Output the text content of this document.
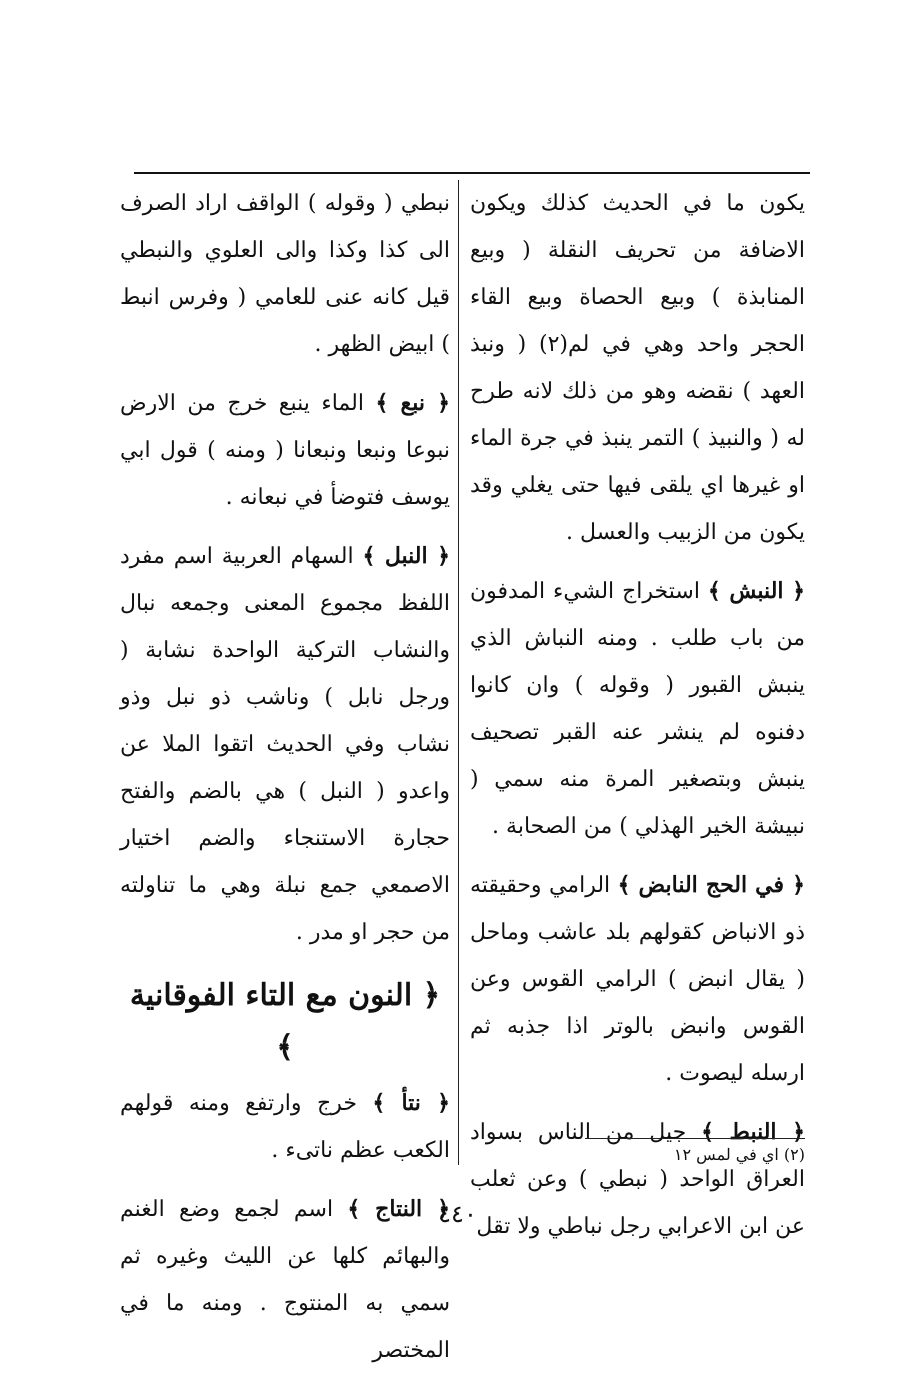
يكون ما في الحديث كذلك ويكون الاضافة من تحريف النقلة ( وبيع المنابذة ) وبيع الحصاة وبيع القاء الحجر واحد وهي في لم(٢) ( ونبذ العهد ) نقضه وهو من ذلك لانه طرح له ( والنبيذ ) التمر ينبذ في جرة الماء او غيرها اي يلقى فيها حتى يغلي وقد يكون من الزبيب والعسل .

﴿ النبش ﴾ استخراج الشيء المدفون من باب طلب . ومنه النباش الذي ينبش القبور ( وقوله ) وان كانوا دفنوه لم ينشر عنه القبر تصحيف ينبش وبتصغير المرة منه سمي ( نبيشة الخير الهذلي ) من الصحابة .

﴿ في الحج النابض ﴾ الرامي وحقيقته ذو الانباض كقولهم بلد عاشب وماحل ( يقال انبض ) الرامي القوس وعن القوس وانبض بالوتر اذا جذبه ثم ارسله ليصوت .

﴿ النبط ﴾ جيل من الناس بسواد العراق الواحد ( نبطي ) وعن ثعلب عن ابن الاعرابي رجل نباطي ولا تقل

نبطي ( وقوله ) الواقف اراد الصرف الى كذا وكذا والى العلوي والنبطي قيل كانه عنى للعامي ( وفرس انبط ) ابيض الظهر .

﴿ نبع ﴾ الماء ينبع خرج من الارض نبوعا ونبعا ونبعانا ( ومنه ) قول ابي يوسف فتوضأ في نبعانه .

﴿ النبل ﴾ السهام العربية اسم مفرد اللفظ مجموع المعنى وجمعه نبال والنشاب التركية الواحدة نشابة ( ورجل نابل ) وناشب ذو نبل وذو نشاب وفي الحديث اتقوا الملا عن واعدو ( النبل ) هي بالضم والفتح حجارة الاستنجاء والضم اختيار الاصمعي جمع نبلة وهي ما تناولته من حجر او مدر .

﴿ النون مع التاء الفوقانية ﴾

﴿ نتأ ﴾ خرج وارتفع ومنه قولهم الكعب عظم ناتىء .

﴿ النتاج ﴾ اسم لجمع وضع الغنم والبهائم كلها عن الليث وغيره ثم سمي به المنتوج . ومنه ما في المختصر

(٢) اي في لمس ١٢
٤٤٠
